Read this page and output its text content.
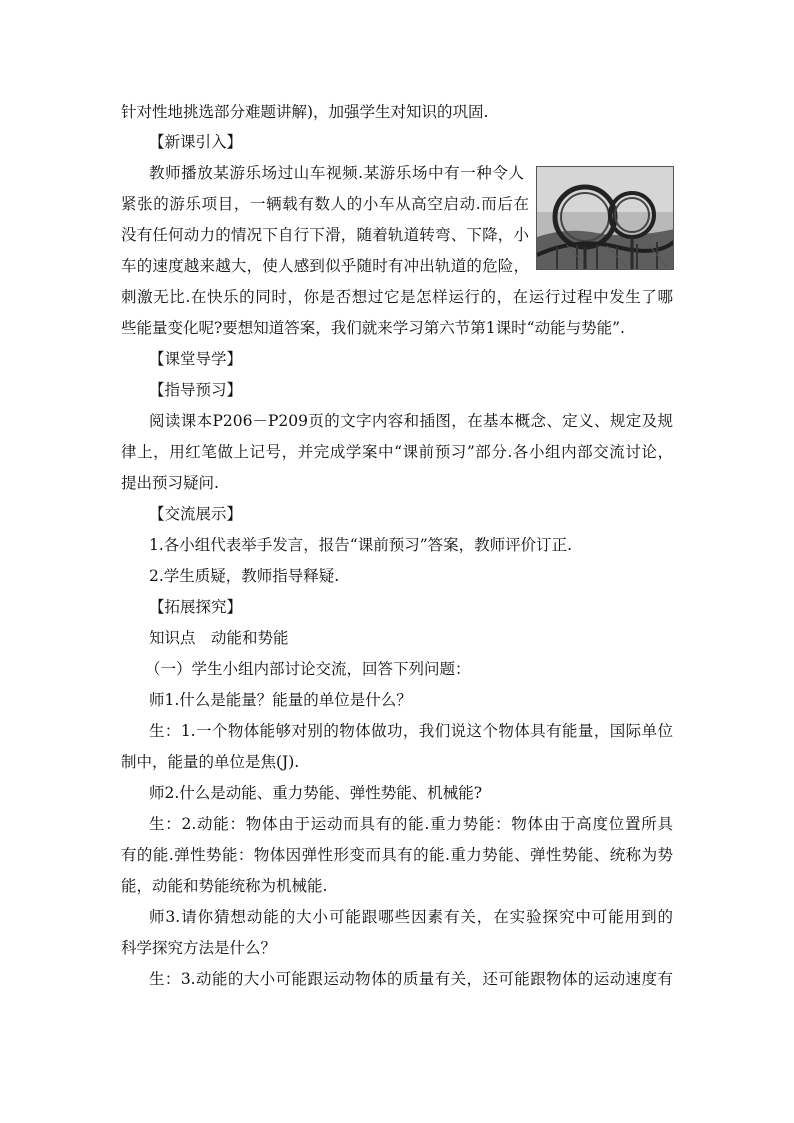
针对性地挑选部分难题讲解)，加强学生对知识的巩固.
【新课引入】
教师播放某游乐场过山车视频.某游乐场中有一种令人
紧张的游乐项目，一辆载有数人的小车从高空启动.而后在
没有任何动力的情况下自行下滑，随着轨道转弯、下降，小
车的速度越来越大，使人感到似乎随时有冲出轨道的危险，
刺激无比.在快乐的同时，你是否想过它是怎样运行的，在运行过程中发生了哪
些能量变化呢?要想知道答案，我们就来学习第六节第1课时“动能与势能”.
【课堂导学】
【指导预习】
阅读课本P206－P209页的文字内容和插图，在基本概念、定义、规定及规
律上，用红笔做上记号，并完成学案中“课前预习”部分.各小组内部交流讨论，
提出预习疑问.
【交流展示】
1.各小组代表举手发言，报告“课前预习”答案，教师评价订正.
2.学生质疑，教师指导释疑.
【拓展探究】
知识点　动能和势能
（一）学生小组内部讨论交流，回答下列问题：
师1.什么是能量？能量的单位是什么？
生：1.一个物体能够对别的物体做功，我们说这个物体具有能量，国际单位
制中，能量的单位是焦(J).
师2.什么是动能、重力势能、弹性势能、机械能?
生：2.动能：物体由于运动而具有的能.重力势能：物体由于高度位置所具
有的能.弹性势能：物体因弹性形变而具有的能.重力势能、弹性势能、统称为势
能，动能和势能统称为机械能.
师3.请你猜想动能的大小可能跟哪些因素有关，在实验探究中可能用到的
科学探究方法是什么？
生：3.动能的大小可能跟运动物体的质量有关，还可能跟物体的运动速度有
